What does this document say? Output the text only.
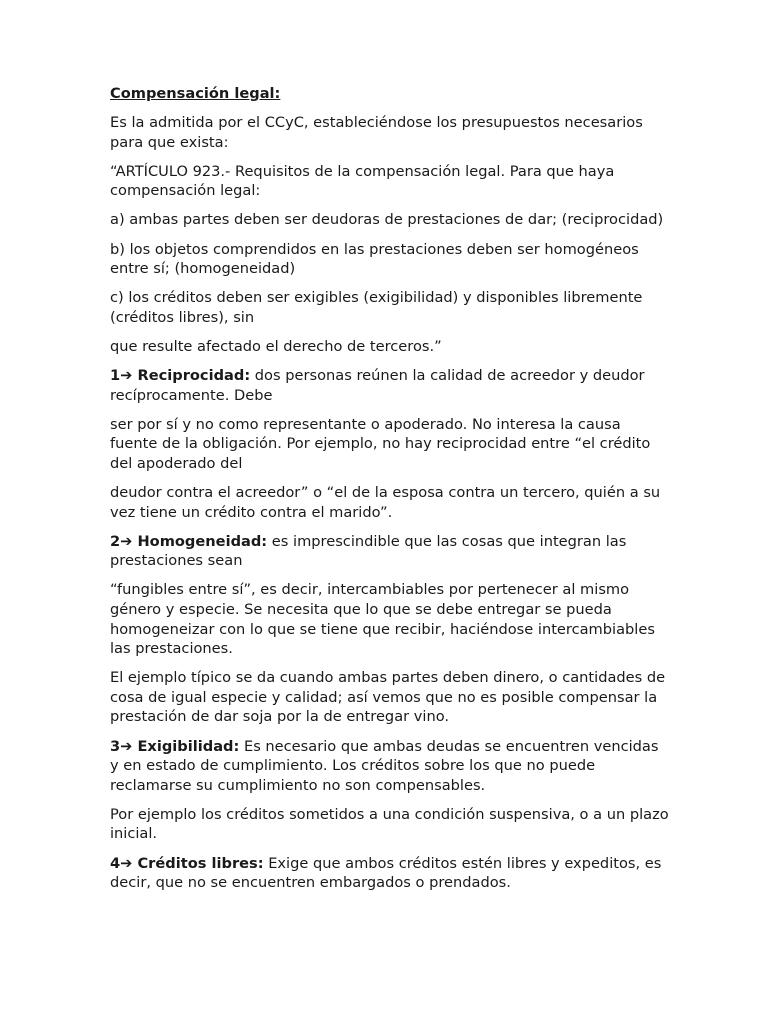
Compensación legal:

Es la admitida por el CCyC, estableciéndose los presupuestos necesarios para que exista:

“ARTÍCULO 923.- Requisitos de la compensación legal. Para que haya compensación legal:

a) ambas partes deben ser deudoras de prestaciones de dar; (reciprocidad)

b) los objetos comprendidos en las prestaciones deben ser homogéneos entre sí; (homogeneidad)

c) los créditos deben ser exigibles (exigibilidad) y disponibles libremente (créditos libres), sin

que resulte afectado el derecho de terceros.”

1➔ Reciprocidad: dos personas reúnen la calidad de acreedor y deudor recíprocamente. Debe

ser por sí y no como representante o apoderado. No interesa la causa fuente de la obligación. Por ejemplo, no hay reciprocidad entre “el crédito del apoderado del

deudor contra el acreedor” o “el de la esposa contra un tercero, quién a su vez tiene un crédito contra el marido”.

2➔ Homogeneidad: es imprescindible que las cosas que integran las prestaciones sean

“fungibles entre sí”, es decir, intercambiables por pertenecer al mismo género y especie. Se necesita que lo que se debe entregar se pueda homogeneizar con lo que se tiene que recibir, haciéndose intercambiables las prestaciones.

El ejemplo típico se da cuando ambas partes deben dinero, o cantidades de cosa de igual especie y calidad; así vemos que no es posible compensar la prestación de dar soja por la de entregar vino.

3➔ Exigibilidad: Es necesario que ambas deudas se encuentren vencidas y en estado de cumplimiento. Los créditos sobre los que no puede reclamarse su cumplimiento no son compensables.

Por ejemplo los créditos sometidos a una condición suspensiva, o a un plazo inicial.

4➔ Créditos libres: Exige que ambos créditos estén libres y expeditos, es decir, que no se encuentren embargados o prendados.
